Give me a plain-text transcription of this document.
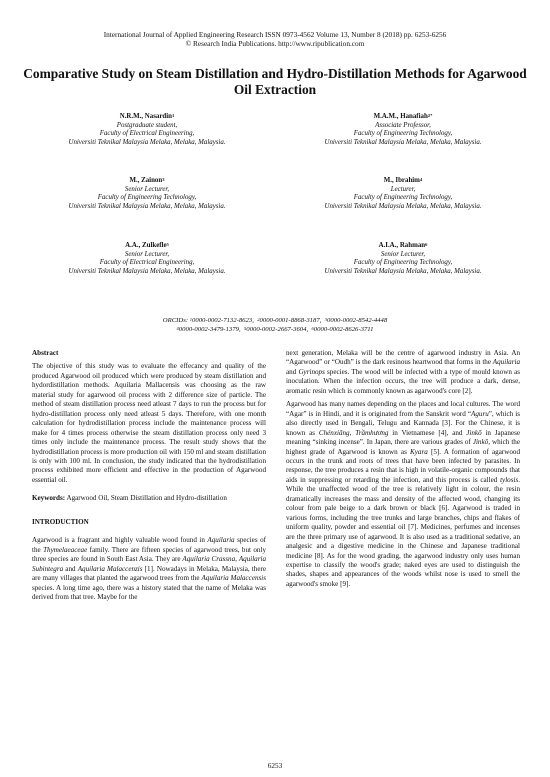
International Journal of Applied Engineering Research ISSN 0973-4562 Volume 13, Number 8 (2018) pp. 6253-6256
© Research India Publications. http://www.ripublication.com
Comparative Study on Steam Distillation and Hydro-Distillation Methods for Agarwood Oil Extraction
N.R.M., Nasardin$^1$
Postgraduate student,
Faculty of Electrical Engineering,
Universiti Teknikal Malaysia Melaka, Melaka, Malaysia.
M.A.M., Hanafiah$^{2*}$
Associate Professor,
Faculty of Engineering Technology,
Universiti Teknikal Malaysia Melaka, Melaka, Malaysia.
M., Zainon$^3$
Senior Lecturer,
Faculty of Engineering Technology,
Universiti Teknikal Malaysia Melaka, Melaka, Malaysia.
M., Ibrahim$^4$
Lecturer,
Faculty of Engineering Technology,
Universiti Teknikal Malaysia Melaka, Melaka, Malaysia.
A.A., Zulkefle$^5$
Senior Lecturer,
Faculty of Electrical Engineering,
Universiti Teknikal Malaysia Melaka, Melaka, Malaysia.
A.I.A., Rahman$^6$
Senior Lecturer,
Faculty of Engineering Technology,
Universiti Teknikal Malaysia Melaka, Melaka, Malaysia.
ORCIDs: $^1$0000-0002-7132-8623,  $^2$0000-0001-8868-3187,  $^3$0000-0002-8542-4448
$^4$0000-0002-3479-1379,  $^5$0000-0002-2667-3604,  $^6$0000-0002-8626-3711

Abstract

The objective of this study was to evaluate the effecancy and quality of the produced Agarwood oil produced which were produced by steam distillation and hydordistillation methods. Aquilaria Mallacensis was choosing as the raw material study for agarwood oil process with 2 difference size of particle. The method of steam distillation process need atleast 7 days to run the process but for hydro-distillation process only need atleast 5 days. Therefore, with one month calculation for hydrodistillation process include the maintenance process will make for 4 times process otherwise the steam distillation process only need 3 times only include the maintenance process. The result study shows that the hydrodistillation process is more production oil with 150 ml and steam distillation is only with 100 ml. In conclusion, the study indicated that the hydrodistillation process exhibited more efficient and effective in the production of Agarwood essential oil.

Keywords: Agarwood Oil, Steam Distillation and Hydro-distillation

INTRODUCTION

Agarwood is a fragrant and highly valuable wood found in Aquilaria species of the Thymelaeaceae family. There are fifteen species of agarwood trees, but only three species are found in South East Asia. They are Aquilaria Crassna, Aquilaria Subintegra and Aquilaria Malaccenzis [1]. Nowadays in Melaka, Malaysia, there are many villages that planted the agarwood trees from the Aquilaria Malaccensis species. A long time ago, there was a history stated that the name of Melaka was derived from that tree. Maybe for the

next generation, Melaka will be the centre of agarwood industry in Asia. An “Agarwood” or “Oudh” is the dark resinous heartwood that forms in the Aquilaria and Gyrinops species. The wood will be infected with a type of mould known as inoculation. When the infection occurs, the tree will produce a dark, dense, aromatic resin which is commonly known as agarwood's core [2].

Agarwood has many names depending on the places and local cultures. The word “Agar” is in Hindi, and it is originated from the Sanskrit word “Aguru”, which is also directly used in Bengali, Telugu and Kannada [3]. For the Chinese, it is known as Chénxiāng, Trầmhương in Vietnamese [4], and Jinkō in Japanese meaning “sinking incense”. In Japan, there are various grades of Jinkō, which the highest grade of Agarwood is known as Kyara [5]. A formation of agarwood occurs in the trunk and roots of trees that have been infected by parasites. In response, the tree produces a resin that is high in volatile-organic compounds that aids in suppressing or retarding the infection, and this process is called tylosis. While the unaffected wood of the tree is relatively light in colour, the resin dramatically increases the mass and density of the affected wood, changing its colour from pale beige to a dark brown or black [6]. Agarwood is traded in various forms, including the tree trunks and large branches, chips and flakes of uniform quality, powder and essential oil [7]. Medicines, perfumes and incenses are the three primary use of agarwood. It is also used as a traditional sedative, an analgesic and a digestive medicine in the Chinese and Japanese traditional medicine [8]. As for the wood grading, the agarwood industry only uses human expertise to classify the wood's grade; naked eyes are used to distinguish the shades, shapes and appearances of the woods whilst nose is used to smell the agarwood's smoke [9].

6253
